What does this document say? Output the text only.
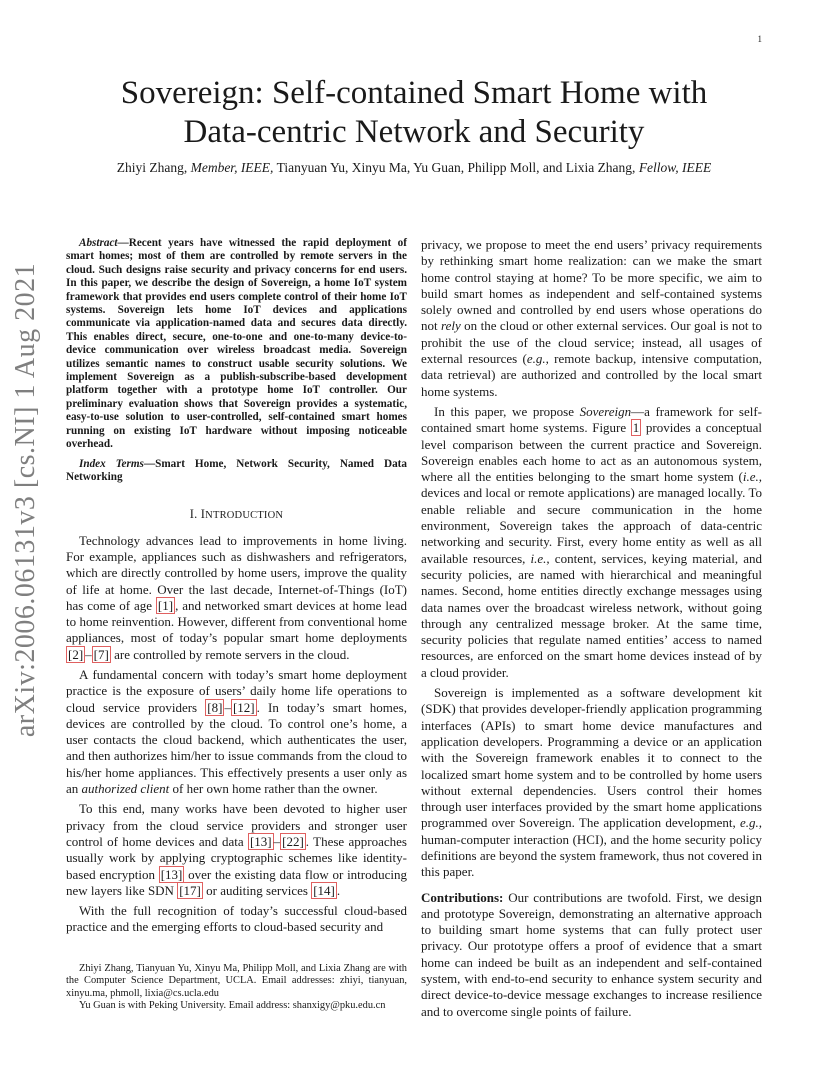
1
arXiv:2006.06131v3 [cs.NI] 1 Aug 2021
Sovereign: Self-contained Smart Home with
Data-centric Network and Security

Zhiyi Zhang, Member, IEEE, Tianyuan Yu, Xinyu Ma, Yu Guan, Philipp Moll, and Lixia Zhang, Fellow, IEEE

Abstract—Recent years have witnessed the rapid deployment of smart homes; most of them are controlled by remote servers in the cloud. Such designs raise security and privacy concerns for end users. In this paper, we describe the design of Sovereign, a home IoT system framework that provides end users complete control of their home IoT systems. Sovereign lets home IoT devices and applications communicate via application-named data and secures data directly. This enables direct, secure, one-to-one and one-to-many device-to-device communication over wireless broadcast media. Sovereign utilizes semantic names to construct usable security solutions. We implement Sovereign as a publish-subscribe-based development platform together with a prototype home IoT controller. Our preliminary evaluation shows that Sovereign provides a systematic, easy-to-use solution to user-controlled, self-contained smart homes running on existing IoT hardware without imposing noticeable overhead.

Index Terms—Smart Home, Network Security, Named Data Networking

I. INTRODUCTION

Technology advances lead to improvements in home living. For example, appliances such as dishwashers and refrigerators, which are directly controlled by home users, improve the quality of life at home. Over the last decade, Internet-of-Things (IoT) has come of age [1] , and networked smart devices at home lead to home reinvention. However, different from conventional home appliances, most of today’s popular smart home deployments [2] – [7] are controlled by remote servers in the cloud.

A fundamental concern with today’s smart home deployment practice is the exposure of users’ daily home life operations to cloud service providers [8] – [12] . In today’s smart homes, devices are controlled by the cloud. To control one’s home, a user contacts the cloud backend, which authenticates the user, and then authorizes him/her to issue commands from the cloud to his/her home appliances. This effectively presents a user only as an authorized client of her own home rather than the owner.

To this end, many works have been devoted to higher user privacy from the cloud service providers and stronger user control of home devices and data [13] – [22] . These approaches usually work by applying cryptographic schemes like identity-based encryption [13] over the existing data flow or introducing new layers like SDN [17] or auditing services [14] .

With the full recognition of today’s successful cloud-based practice and the emerging efforts to cloud-based security and

Zhiyi Zhang, Tianyuan Yu, Xinyu Ma, Philipp Moll, and Lixia Zhang are with the Computer Science Department, UCLA. Email addresses: zhiyi, tianyuan, xinyu.ma, phmoll, lixia@cs.ucla.edu

Yu Guan is with Peking University. Email address: shanxigy@pku.edu.cn

privacy, we propose to meet the end users’ privacy requirements by rethinking smart home realization: can we make the smart home control staying at home? To be more specific, we aim to build smart homes as independent and self-contained systems solely owned and controlled by end users whose operations do not rely on the cloud or other external services. Our goal is not to prohibit the use of the cloud service; instead, all usages of external resources (e.g., remote backup, intensive computation, data retrieval) are authorized and controlled by the local smart home systems.

In this paper, we propose Sovereign—a framework for self-contained smart home systems. Figure 1 provides a conceptual level comparison between the current practice and Sovereign. Sovereign enables each home to act as an autonomous system, where all the entities belonging to the smart home system (i.e., devices and local or remote applications) are managed locally. To enable reliable and secure communication in the home environment, Sovereign takes the approach of data-centric networking and security. First, every home entity as well as all available resources, i.e., content, services, keying material, and security policies, are named with hierarchical and meaningful names. Second, home entities directly exchange messages using data names over the broadcast wireless network, without going through any centralized message broker. At the same time, security policies that regulate named entities’ access to named resources, are enforced on the smart home devices instead of by a cloud provider.

Sovereign is implemented as a software development kit (SDK) that provides developer-friendly application programming interfaces (APIs) to smart home device manufactures and application developers. Programming a device or an application with the Sovereign framework enables it to connect to the localized smart home system and to be controlled by home users without external dependencies. Users control their homes through user interfaces provided by the smart home applications programmed over Sovereign. The application development, e.g., human-computer interaction (HCI), and the home security policy definitions are beyond the system framework, thus not covered in this paper.

Contributions: Our contributions are twofold. First, we design and prototype Sovereign, demonstrating an alternative approach to building smart home systems that can fully protect user privacy. Our prototype offers a proof of evidence that a smart home can indeed be built as an independent and self-contained system, with end-to-end security to enhance system security and direct device-to-device message exchanges to increase resilience and to overcome single points of failure.
